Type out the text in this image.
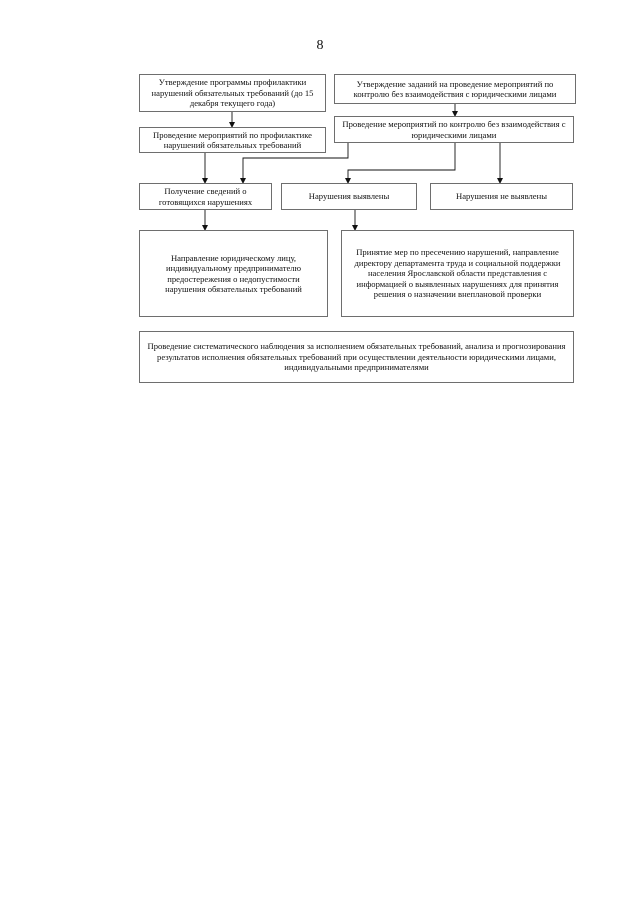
8
Утверждение программы профилактики нарушений обязательных требований (до 15 декабря текущего года)
Утверждение заданий на проведение мероприятий по контролю без взаимодействия с юридическими лицами
Проведение мероприятий по профилактике нарушений обязательных требований
Проведение мероприятий по контролю без взаимодействия с юридическими лицами
Получение сведений о готовящихся нарушениях
Нарушения выявлены	Нарушения не выявлены
Направление юридическому лицу, индивидуальному предпринимателю предостережения о недопустимости нарушения обязательных требований
Принятие мер по пресечению нарушений, направление директору департамента труда и социальной поддержки населения Ярославской области представления с информацией о выявленных нарушениях для принятия решения о назначении внеплановой проверки
Проведение систематического наблюдения за исполнением обязательных требований, анализа и прогнозирования результатов исполнения обязательных требований при осуществлении деятельности юридическими лицами, индивидуальными предпринимателями
